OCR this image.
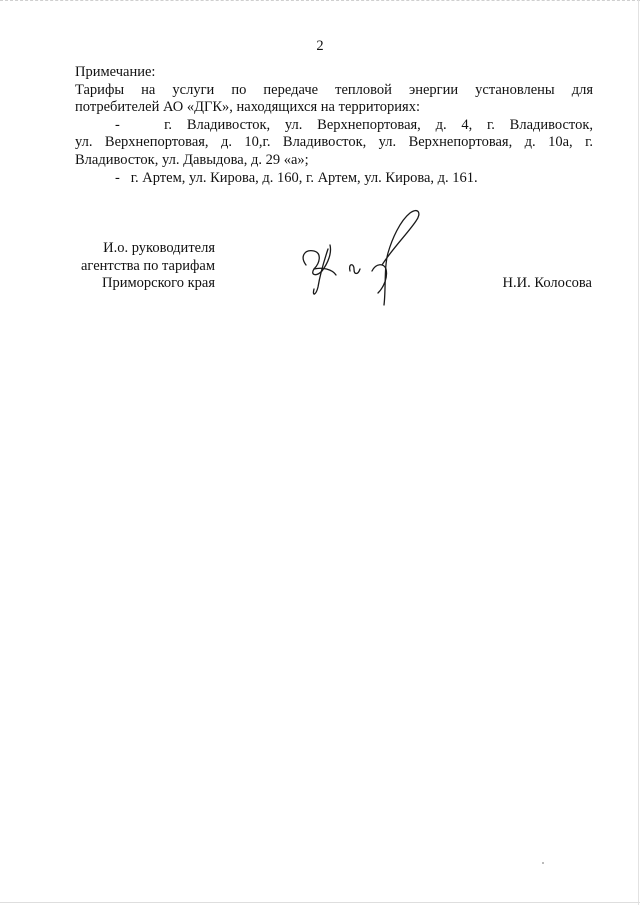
2
Примечание:
Тарифы на услуги по передаче тепловой энергии установлены для
потребителей АО «ДГК», находящихся на территориях:
-	г. Владивосток, ул. Верхнепортовая, д. 4, г. Владивосток,
ул. Верхнепортовая, д. 10,г. Владивосток, ул. Верхнепортовая, д. 10а, г.
Владивосток, ул. Давыдова, д. 29 «а»;
- г. Артем, ул. Кирова, д. 160, г. Артем, ул. Кирова, д. 161.
И.о. руководителя
агентства по тарифам
Приморского края	Н.И. Колосова
